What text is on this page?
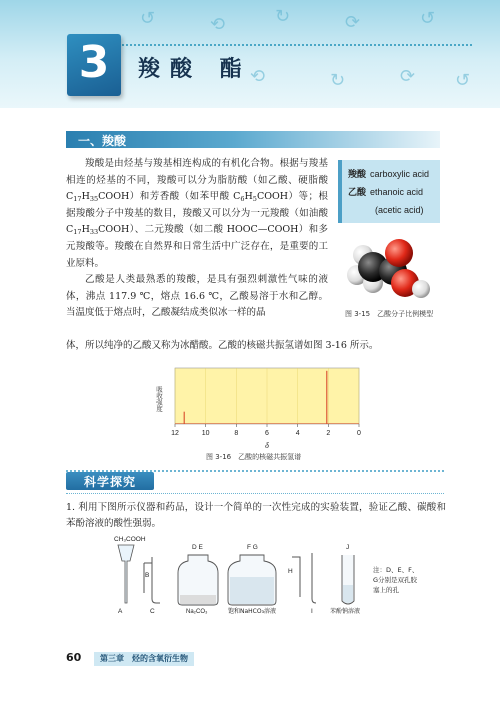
↺	⟲	↻	⟳	↺
⟲	↻	⟳ ↺
3	羧酸 酯
一、羧酸
羧酸是由烃基与羧基相连构成的有机化合物。根据与羧基相连的烃基的不同，羧酸可以分为脂肪酸（如乙酸、硬脂酸 $C_{17}H_{35}COOH$）和芳香酸（如苯甲酸 $C_6H_5COOH$）等；根据羧酸分子中羧基的数目，羧酸又可以分为一元羧酸（如油酸 $C_{17}H_{33}COOH$）、二元羧酸（如二酸 HOOC—COOH）和多元羧酸等。羧酸在自然界和日常生活中广泛存在，是重要的工业原料。
羧酸 carboxylic acid
乙酸 ethanoic acid
(acetic acid)
图 3-15　乙酸分子比例模型
乙酸是人类最熟悉的羧酸，是具有强烈刺激性气味的液体，沸点 117.9 ℃，熔点 16.6 ℃，乙酸易溶于水和乙醇。当温度低于熔点时，乙酸凝结成类似冰一样的晶
体，所以纯净的乙酸又称为冰醋酸。乙酸的核磁共振氢谱如图 3-16 所示。
吸收强度
12	10	8	6	4	2	0
δ
图 3-16　乙酸的核磁共振氢谱
科学探究
1. 利用下图所示仪器和药品，设计一个简单的一次性完成的实验装置，验证乙酸、碳酸和苯酚溶液的酸性强弱。
CH₃COOH
A
B
C
D E
Na₂CO₃
F G
饱和NaHCO₃溶液
H
I
J
苯酚钠溶液
注：D、E、F、G分别是双孔胶塞上的孔
60	第三章　烃的含氧衍生物
